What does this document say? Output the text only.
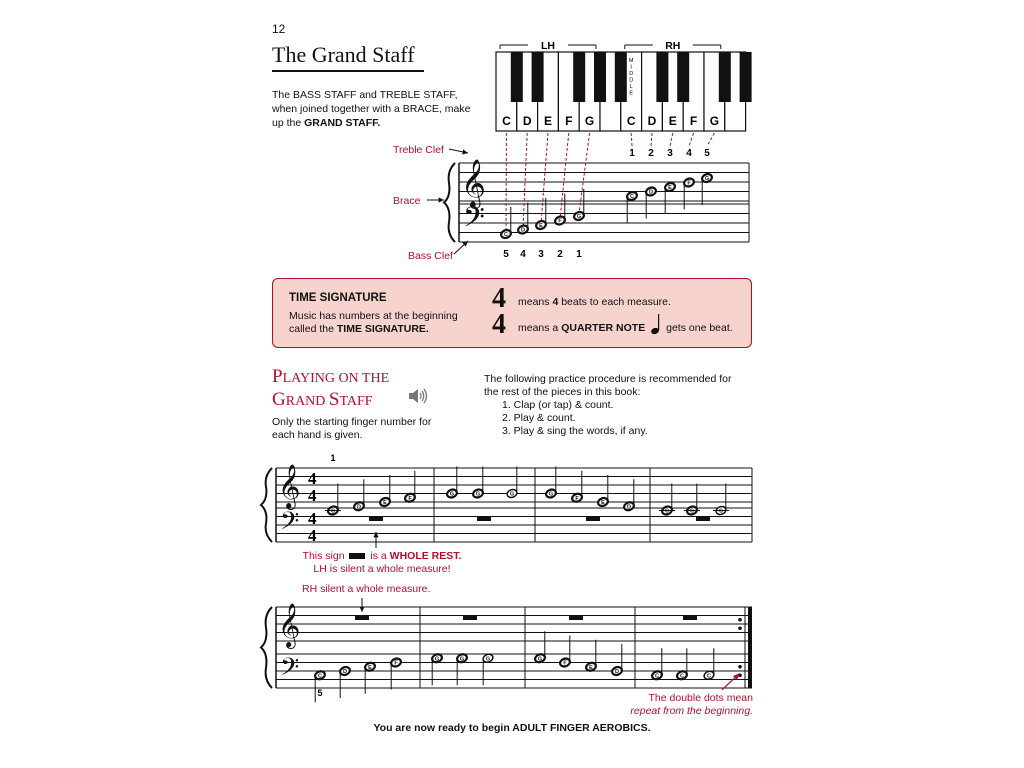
12
The Grand Staff
The BASS STAFF and TREBLE STAFF, when joined together with a BRACE, make up the GRAND STAFF.
Treble Clef
Brace
Bass Clef
TIME SIGNATURE
Music has numbers at the beginning called the TIME SIGNATURE.
4
4
means 4 beats to each measure.
means a QUARTER NOTE gets one beat.
PLAYING ON THE
GRAND STAFF
Only the starting finger number for each hand is given.
The following practice procedure is recommended for the rest of the pieces in this book:
1. Clap (or tap) & count.
2. Play & count.
3. Play & sing the words, if any.
This sign  is a WHOLE REST.
LH is silent a whole measure!
RH silent a whole measure.
The double dots mean
repeat from the beginning.
You are now ready to begin ADULT FINGER AEROBICS.
C D E F G	C D E F G
M
I
D
D
L
E
LH	RH
𝄞
𝄢
1 2 3 4 5
5 4 3 2 1
C
D
E
F
G
C
D
E
F
G
𝄞
𝄢
4
4
4
4
1
C
D
E
F
G	G	G	G
F
E
D
C	C	C
𝄞
𝄢
5
C
D
E
F
G	G	G	G
F
E
D
C	C	C
